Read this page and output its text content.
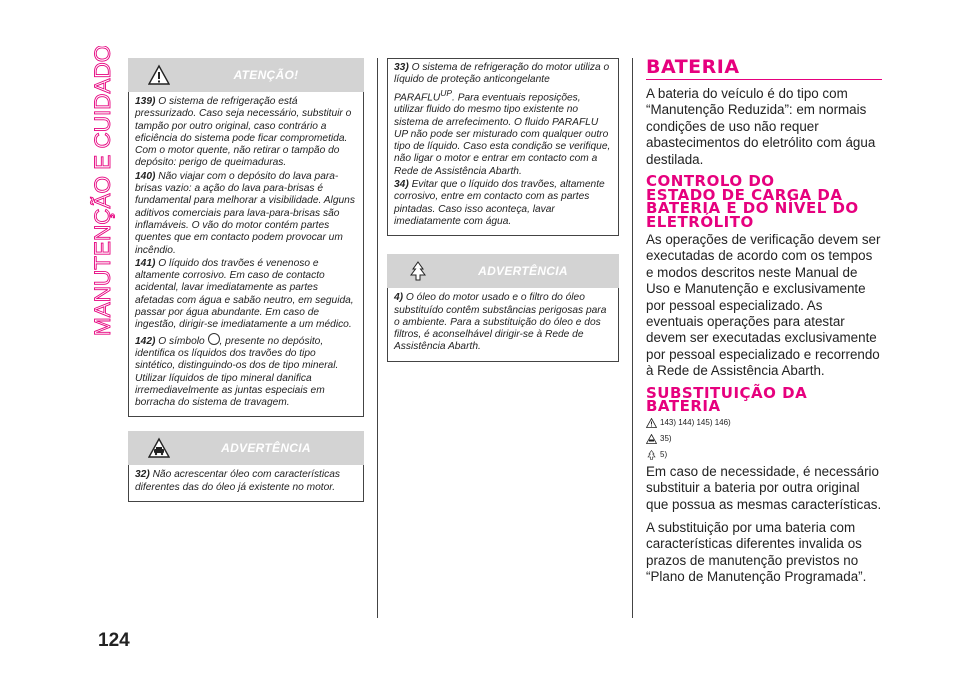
MANUTENÇÃO E CUIDADOS	ATENÇÃO!

139) O sistema de refrigeração está pressurizado. Caso seja necessário, substituir o tampão por outro original, caso contrário a eficiência do sistema pode ficar comprometida. Com o motor quente, não retirar o tampão do depósito: perigo de queimaduras.

140) Não viajar com o depósito do lava para-brisas vazio: a ação do lava para-brisas é fundamental para melhorar a visibilidade. Alguns aditivos comerciais para lava-para-brisas são inflamáveis. O vão do motor contém partes quentes que em contacto podem provocar um incêndio.

141) O líquido dos travões é venenoso e altamente corrosivo. Em caso de contacto acidental, lavar imediatamente as partes afetadas com água e sabão neutro, em seguida, passar por água abundante. Em caso de ingestão, dirigir-se imediatamente a um médico.

142) O símbolo , presente no depósito, identifica os líquidos dos travões do tipo sintético, distinguindo-os dos de tipo mineral. Utilizar líquidos de tipo mineral danifica irremediavelmente as juntas especiais em borracha do sistema de travagem.

ADVERTÊNCIA

32) Não acrescentar óleo com características diferentes das do óleo já existente no motor.

33) O sistema de refrigeração do motor utiliza o líquido de proteção anticongelante $PARAFLU^{UP}$. Para eventuais reposições, utilizar fluido do mesmo tipo existente no sistema de arrefecimento. O fluido PARAFLU UP não pode ser misturado com qualquer outro tipo de líquido. Caso esta condição se verifique, não ligar o motor e entrar em contacto com a Rede de Assistência Abarth.

34) Evitar que o líquido dos travões, altamente corrosivo, entre em contacto com as partes pintadas. Caso isso aconteça, lavar imediatamente com água.

ADVERTÊNCIA

4) O óleo do motor usado e o filtro do óleo substituído contêm substâncias perigosas para o ambiente. Para a substituição do óleo e dos filtros, é aconselhável dirigir-se à Rede de Assistência Abarth.

BATERIA

A bateria do veículo é do tipo com “Manutenção Reduzida”: em normais condições de uso não requer abastecimentos do eletrólito com água destilada.

CONTROLO DO
ESTADO DE CARGA DA
BATERIA E DO NÍVEL DO
ELETRÓLITO

As operações de verificação devem ser executadas de acordo com os tempos e modos descritos neste Manual de Uso e Manutenção e exclusivamente por pessoal especializado. As eventuais operações para atestar devem ser executadas exclusivamente por pessoal especializado e recorrendo à Rede de Assistência Abarth.

SUBSTITUIÇÃO DA
BATERIA
143) 144) 145) 146)
35)
5)

Em caso de necessidade, é necessário substituir a bateria por outra original que possua as mesmas características.

A substituição por uma bateria com características diferentes invalida os prazos de manutenção previstos no “Plano de Manutenção Programada”.

124
